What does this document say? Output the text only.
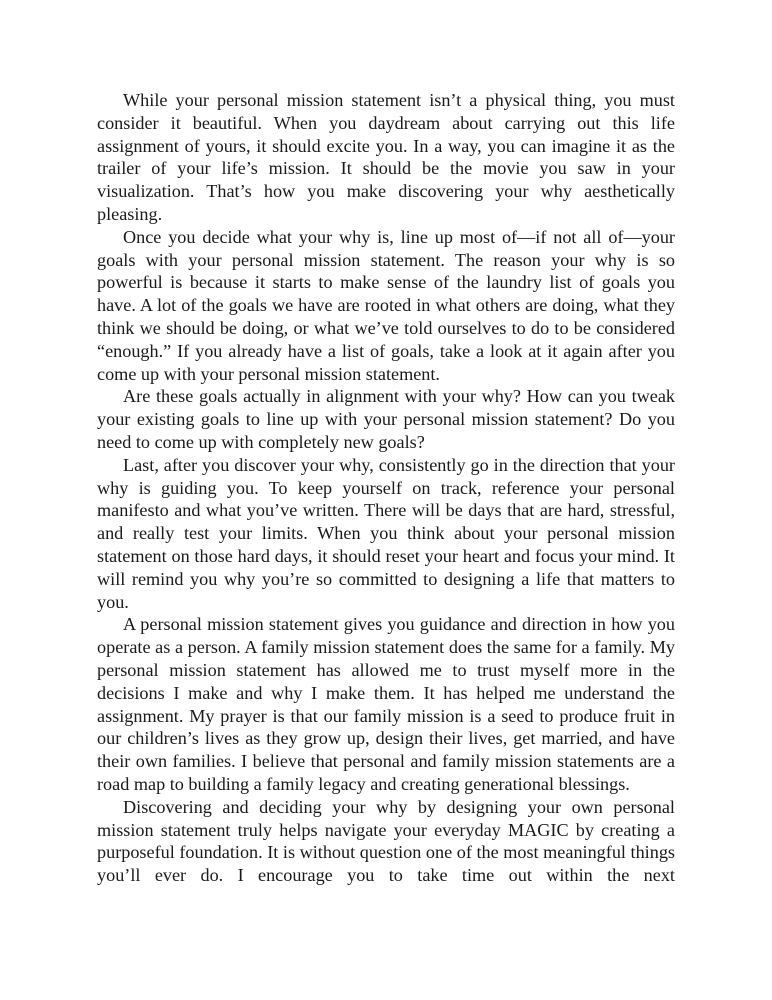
While your personal mission statement isn’t a physical thing, you must consider it beautiful. When you daydream about carrying out this life assignment of yours, it should excite you. In a way, you can imagine it as the trailer of your life’s mission. It should be the movie you saw in your visualization. That’s how you make discovering your why aesthetically pleasing.

Once you decide what your why is, line up most of—if not all of—your goals with your personal mission statement. The reason your why is so powerful is because it starts to make sense of the laundry list of goals you have. A lot of the goals we have are rooted in what others are doing, what they think we should be doing, or what we’ve told ourselves to do to be considered “enough.” If you already have a list of goals, take a look at it again after you come up with your personal mission statement.

Are these goals actually in alignment with your why? How can you tweak your existing goals to line up with your personal mission statement? Do you need to come up with completely new goals?

Last, after you discover your why, consistently go in the direction that your why is guiding you. To keep yourself on track, reference your personal manifesto and what you’ve written. There will be days that are hard, stressful, and really test your limits. When you think about your personal mission statement on those hard days, it should reset your heart and focus your mind. It will remind you why you’re so committed to designing a life that matters to you.

A personal mission statement gives you guidance and direction in how you operate as a person. A family mission statement does the same for a family. My personal mission statement has allowed me to trust myself more in the decisions I make and why I make them. It has helped me understand the assignment. My prayer is that our family mission is a seed to produce fruit in our children’s lives as they grow up, design their lives, get married, and have their own families. I believe that personal and family mission statements are a road map to building a family legacy and creating generational blessings.

Discovering and deciding your why by designing your own personal mission statement truly helps navigate your everyday MAGIC by creating a purposeful foundation. It is without question one of the most meaningful things you’ll ever do. I encourage you to take time out within the next
